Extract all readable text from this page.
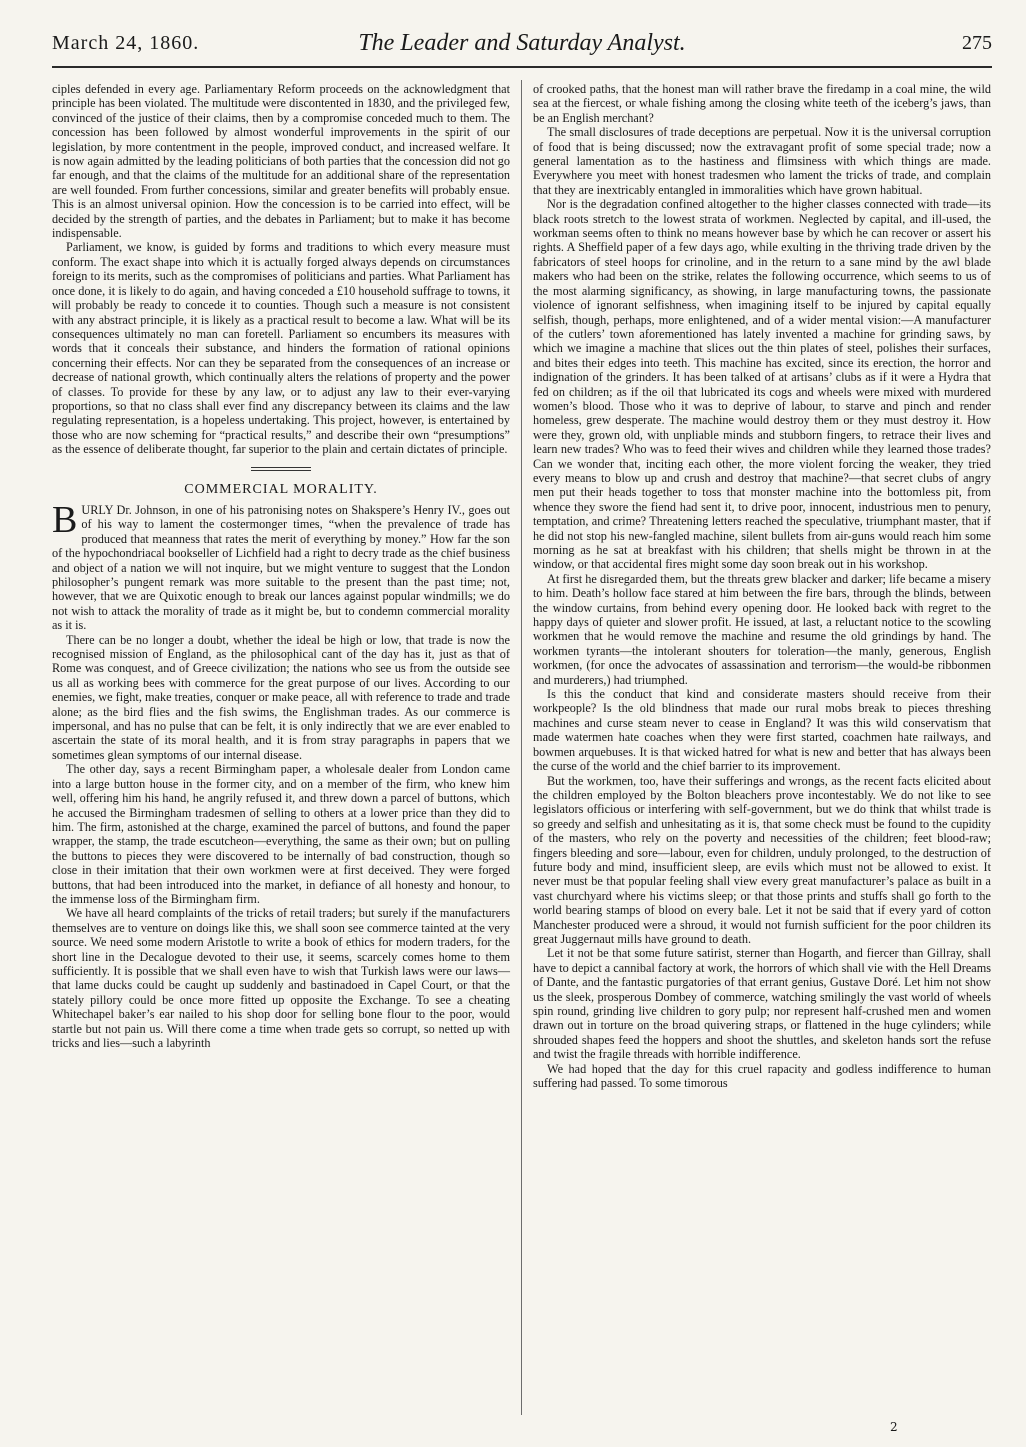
March 24, 1860.	The Leader and Saturday Analyst.	275

ciples defended in every age. Parliamentary Reform proceeds on the acknowledgment that principle has been violated. The multitude were discontented in 1830, and the privileged few, convinced of the justice of their claims, then by a compromise conceded much to them. The concession has been followed by almost wonderful improvements in the spirit of our legislation, by more contentment in the people, improved conduct, and increased welfare. It is now again admitted by the leading politicians of both parties that the concession did not go far enough, and that the claims of the multitude for an additional share of the representation are well founded. From further concessions, similar and greater benefits will probably ensue. This is an almost universal opinion. How the concession is to be carried into effect, will be decided by the strength of parties, and the debates in Parliament; but to make it has become indispensable.

Parliament, we know, is guided by forms and traditions to which every measure must conform. The exact shape into which it is actually forged always depends on circumstances foreign to its merits, such as the compromises of politicians and parties. What Parliament has once done, it is likely to do again, and having conceded a £10 household suffrage to towns, it will probably be ready to concede it to counties. Though such a measure is not consistent with any abstract principle, it is likely as a practical result to become a law. What will be its consequences ultimately no man can foretell. Parliament so encumbers its measures with words that it conceals their substance, and hinders the formation of rational opinions concerning their effects. Nor can they be separated from the consequences of an increase or decrease of national growth, which continually alters the relations of property and the power of classes. To provide for these by any law, or to adjust any law to their ever-varying proportions, so that no class shall ever find any discrepancy between its claims and the law regulating representation, is a hopeless undertaking. This project, however, is entertained by those who are now scheming for “practical results,” and describe their own “presumptions” as the essence of deliberate thought, far superior to the plain and certain dictates of principle.

COMMERCIAL MORALITY.

BURLY Dr. Johnson, in one of his patronising notes on Shakspere’s Henry IV., goes out of his way to lament the costermonger times, “when the prevalence of trade has produced that meanness that rates the merit of everything by money.” How far the son of the hypochondriacal bookseller of Lichfield had a right to decry trade as the chief business and object of a nation we will not inquire, but we might venture to suggest that the London philosopher’s pungent remark was more suitable to the present than the past time; not, however, that we are Quixotic enough to break our lances against popular windmills; we do not wish to attack the morality of trade as it might be, but to condemn commercial morality as it is.

There can be no longer a doubt, whether the ideal be high or low, that trade is now the recognised mission of England, as the philosophical cant of the day has it, just as that of Rome was conquest, and of Greece civilization; the nations who see us from the outside see us all as working bees with commerce for the great purpose of our lives. According to our enemies, we fight, make treaties, conquer or make peace, all with reference to trade and trade alone; as the bird flies and the fish swims, the Englishman trades. As our commerce is impersonal, and has no pulse that can be felt, it is only indirectly that we are ever enabled to ascertain the state of its moral health, and it is from stray paragraphs in papers that we sometimes glean symptoms of our internal disease.

The other day, says a recent Birmingham paper, a wholesale dealer from London came into a large button house in the former city, and on a member of the firm, who knew him well, offering him his hand, he angrily refused it, and threw down a parcel of buttons, which he accused the Birmingham tradesmen of selling to others at a lower price than they did to him. The firm, astonished at the charge, examined the parcel of buttons, and found the paper wrapper, the stamp, the trade escutcheon—everything, the same as their own; but on pulling the buttons to pieces they were discovered to be internally of bad construction, though so close in their imitation that their own workmen were at first deceived. They were forged buttons, that had been introduced into the market, in defiance of all honesty and honour, to the immense loss of the Birmingham firm.

We have all heard complaints of the tricks of retail traders; but surely if the manufacturers themselves are to venture on doings like this, we shall soon see commerce tainted at the very source. We need some modern Aristotle to write a book of ethics for modern traders, for the short line in the Decalogue devoted to their use, it seems, scarcely comes home to them sufficiently. It is possible that we shall even have to wish that Turkish laws were our laws—that lame ducks could be caught up suddenly and bastinadoed in Capel Court, or that the stately pillory could be once more fitted up opposite the Exchange. To see a cheating Whitechapel baker’s ear nailed to his shop door for selling bone flour to the poor, would startle but not pain us. Will there come a time when trade gets so corrupt, so netted up with tricks and lies—such a labyrinth

of crooked paths, that the honest man will rather brave the firedamp in a coal mine, the wild sea at the fiercest, or whale fishing among the closing white teeth of the iceberg’s jaws, than be an English merchant?

The small disclosures of trade deceptions are perpetual. Now it is the universal corruption of food that is being discussed; now the extravagant profit of some special trade; now a general lamentation as to the hastiness and flimsiness with which things are made. Everywhere you meet with honest tradesmen who lament the tricks of trade, and complain that they are inextricably entangled in immoralities which have grown habitual.

Nor is the degradation confined altogether to the higher classes connected with trade—its black roots stretch to the lowest strata of workmen. Neglected by capital, and ill-used, the workman seems often to think no means however base by which he can recover or assert his rights. A Sheffield paper of a few days ago, while exulting in the thriving trade driven by the fabricators of steel hoops for crinoline, and in the return to a sane mind by the awl blade makers who had been on the strike, relates the following occurrence, which seems to us of the most alarming significancy, as showing, in large manufacturing towns, the passionate violence of ignorant selfishness, when imagining itself to be injured by capital equally selfish, though, perhaps, more enlightened, and of a wider mental vision:—A manufacturer of the cutlers’ town aforementioned has lately invented a machine for grinding saws, by which we imagine a machine that slices out the thin plates of steel, polishes their surfaces, and bites their edges into teeth. This machine has excited, since its erection, the horror and indignation of the grinders. It has been talked of at artisans’ clubs as if it were a Hydra that fed on children; as if the oil that lubricated its cogs and wheels were mixed with murdered women’s blood. Those who it was to deprive of labour, to starve and pinch and render homeless, grew desperate. The machine would destroy them or they must destroy it. How were they, grown old, with unpliable minds and stubborn fingers, to retrace their lives and learn new trades? Who was to feed their wives and children while they learned those trades? Can we wonder that, inciting each other, the more violent forcing the weaker, they tried every means to blow up and crush and destroy that machine?—that secret clubs of angry men put their heads together to toss that monster machine into the bottomless pit, from whence they swore the fiend had sent it, to drive poor, innocent, industrious men to penury, temptation, and crime? Threatening letters reached the speculative, triumphant master, that if he did not stop his new-fangled machine, silent bullets from air-guns would reach him some morning as he sat at breakfast with his children; that shells might be thrown in at the window, or that accidental fires might some day soon break out in his workshop.

At first he disregarded them, but the threats grew blacker and darker; life became a misery to him. Death’s hollow face stared at him between the fire bars, through the blinds, between the window curtains, from behind every opening door. He looked back with regret to the happy days of quieter and slower profit. He issued, at last, a reluctant notice to the scowling workmen that he would remove the machine and resume the old grindings by hand. The workmen tyrants—the intolerant shouters for toleration—the manly, generous, English workmen, (for once the advocates of assassination and terrorism—the would-be ribbonmen and murderers,) had triumphed.

Is this the conduct that kind and considerate masters should receive from their workpeople? Is the old blindness that made our rural mobs break to pieces threshing machines and curse steam never to cease in England? It was this wild conservatism that made watermen hate coaches when they were first started, coachmen hate railways, and bowmen arquebuses. It is that wicked hatred for what is new and better that has always been the curse of the world and the chief barrier to its improvement.

But the workmen, too, have their sufferings and wrongs, as the recent facts elicited about the children employed by the Bolton bleachers prove incontestably. We do not like to see legislators officious or interfering with self-government, but we do think that whilst trade is so greedy and selfish and unhesitating as it is, that some check must be found to the cupidity of the masters, who rely on the poverty and necessities of the children; feet blood-raw; fingers bleeding and sore—labour, even for children, unduly prolonged, to the destruction of future body and mind, insufficient sleep, are evils which must not be allowed to exist. It never must be that popular feeling shall view every great manufacturer’s palace as built in a vast churchyard where his victims sleep; or that those prints and stuffs shall go forth to the world bearing stamps of blood on every bale. Let it not be said that if every yard of cotton Manchester produced were a shroud, it would not furnish sufficient for the poor children its great Juggernaut mills have ground to death.

Let it not be that some future satirist, sterner than Hogarth, and fiercer than Gillray, shall have to depict a cannibal factory at work, the horrors of which shall vie with the Hell Dreams of Dante, and the fantastic purgatories of that errant genius, Gustave Doré. Let him not show us the sleek, prosperous Dombey of commerce, watching smilingly the vast world of wheels spin round, grinding live children to gory pulp; nor represent half-crushed men and women drawn out in torture on the broad quivering straps, or flattened in the huge cylinders; while shrouded shapes feed the hoppers and shoot the shuttles, and skeleton hands sort the refuse and twist the fragile threads with horrible indifference.

We had hoped that the day for this cruel rapacity and godless indifference to human suffering had passed. To some timorous

2
